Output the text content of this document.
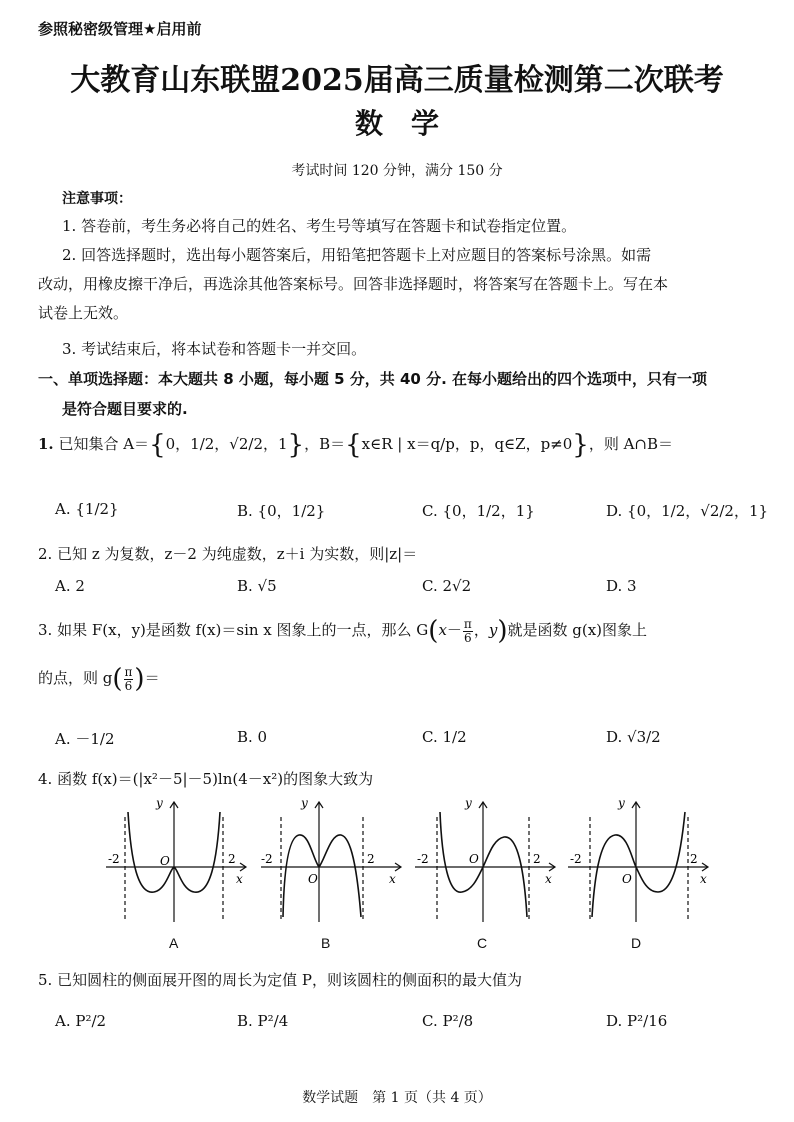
参照秘密级管理★启用前
大教育山东联盟2025届高三质量检测第二次联考
数　学
考试时间 120 分钟，满分 150 分
注意事项：
1. 答卷前，考生务必将自己的姓名、考生号等填写在答题卡和试卷指定位置。
2. 回答选择题时，选出每小题答案后，用铅笔把答题卡上对应题目的答案标号涂黑。如需
改动，用橡皮擦干净后，再选涂其他答案标号。回答非选择题时，将答案写在答题卡上。写在本
试卷上无效。
3. 考试结束后，将本试卷和答题卡一并交回。
一、单项选择题：本大题共 8 小题，每小题 5 分，共 40 分. 在每小题给出的四个选项中，只有一项
是符合题目要求的.
1. 已知集合 A＝{0，1/2，√2/2，1}，B＝{x∈R | x＝q/p，p，q∈Z，p≠0}，则 A∩B＝
A. {1/2}	B. {0，1/2}	C. {0，1/2，1}	D. {0，1/2，√2/2，1}
2. 已知 z 为复数，z－2 为纯虚数，z＋i 为实数，则|z|＝
A. 2	B. √5	C. 2√2	D. 3
3. 如果 F(x，y)是函数 f(x)＝sin x 图象上的一点，那么 $G(x- \frac{\pi}{6}$ ，y)就是函数 g(x)图象上
的点，则 $g( \frac{\pi}{6}$ )＝
A. －1/2	B. 0	C. 1/2	D. √3/2
4. 函数 f(x)＝(|x²－5|－5)ln(4－x²)的图象大致为
y
-2	O	2
x
y
-2
O
2
x
y
-2	O	2
x
y
-2
O
2
x
A	B	C	D
5. 已知圆柱的侧面展开图的周长为定值 P，则该圆柱的侧面积的最大值为
A. P²/2	B. P²/4	C. P²/8	D. P²/16
数学试题　第 1 页（共 4 页）
